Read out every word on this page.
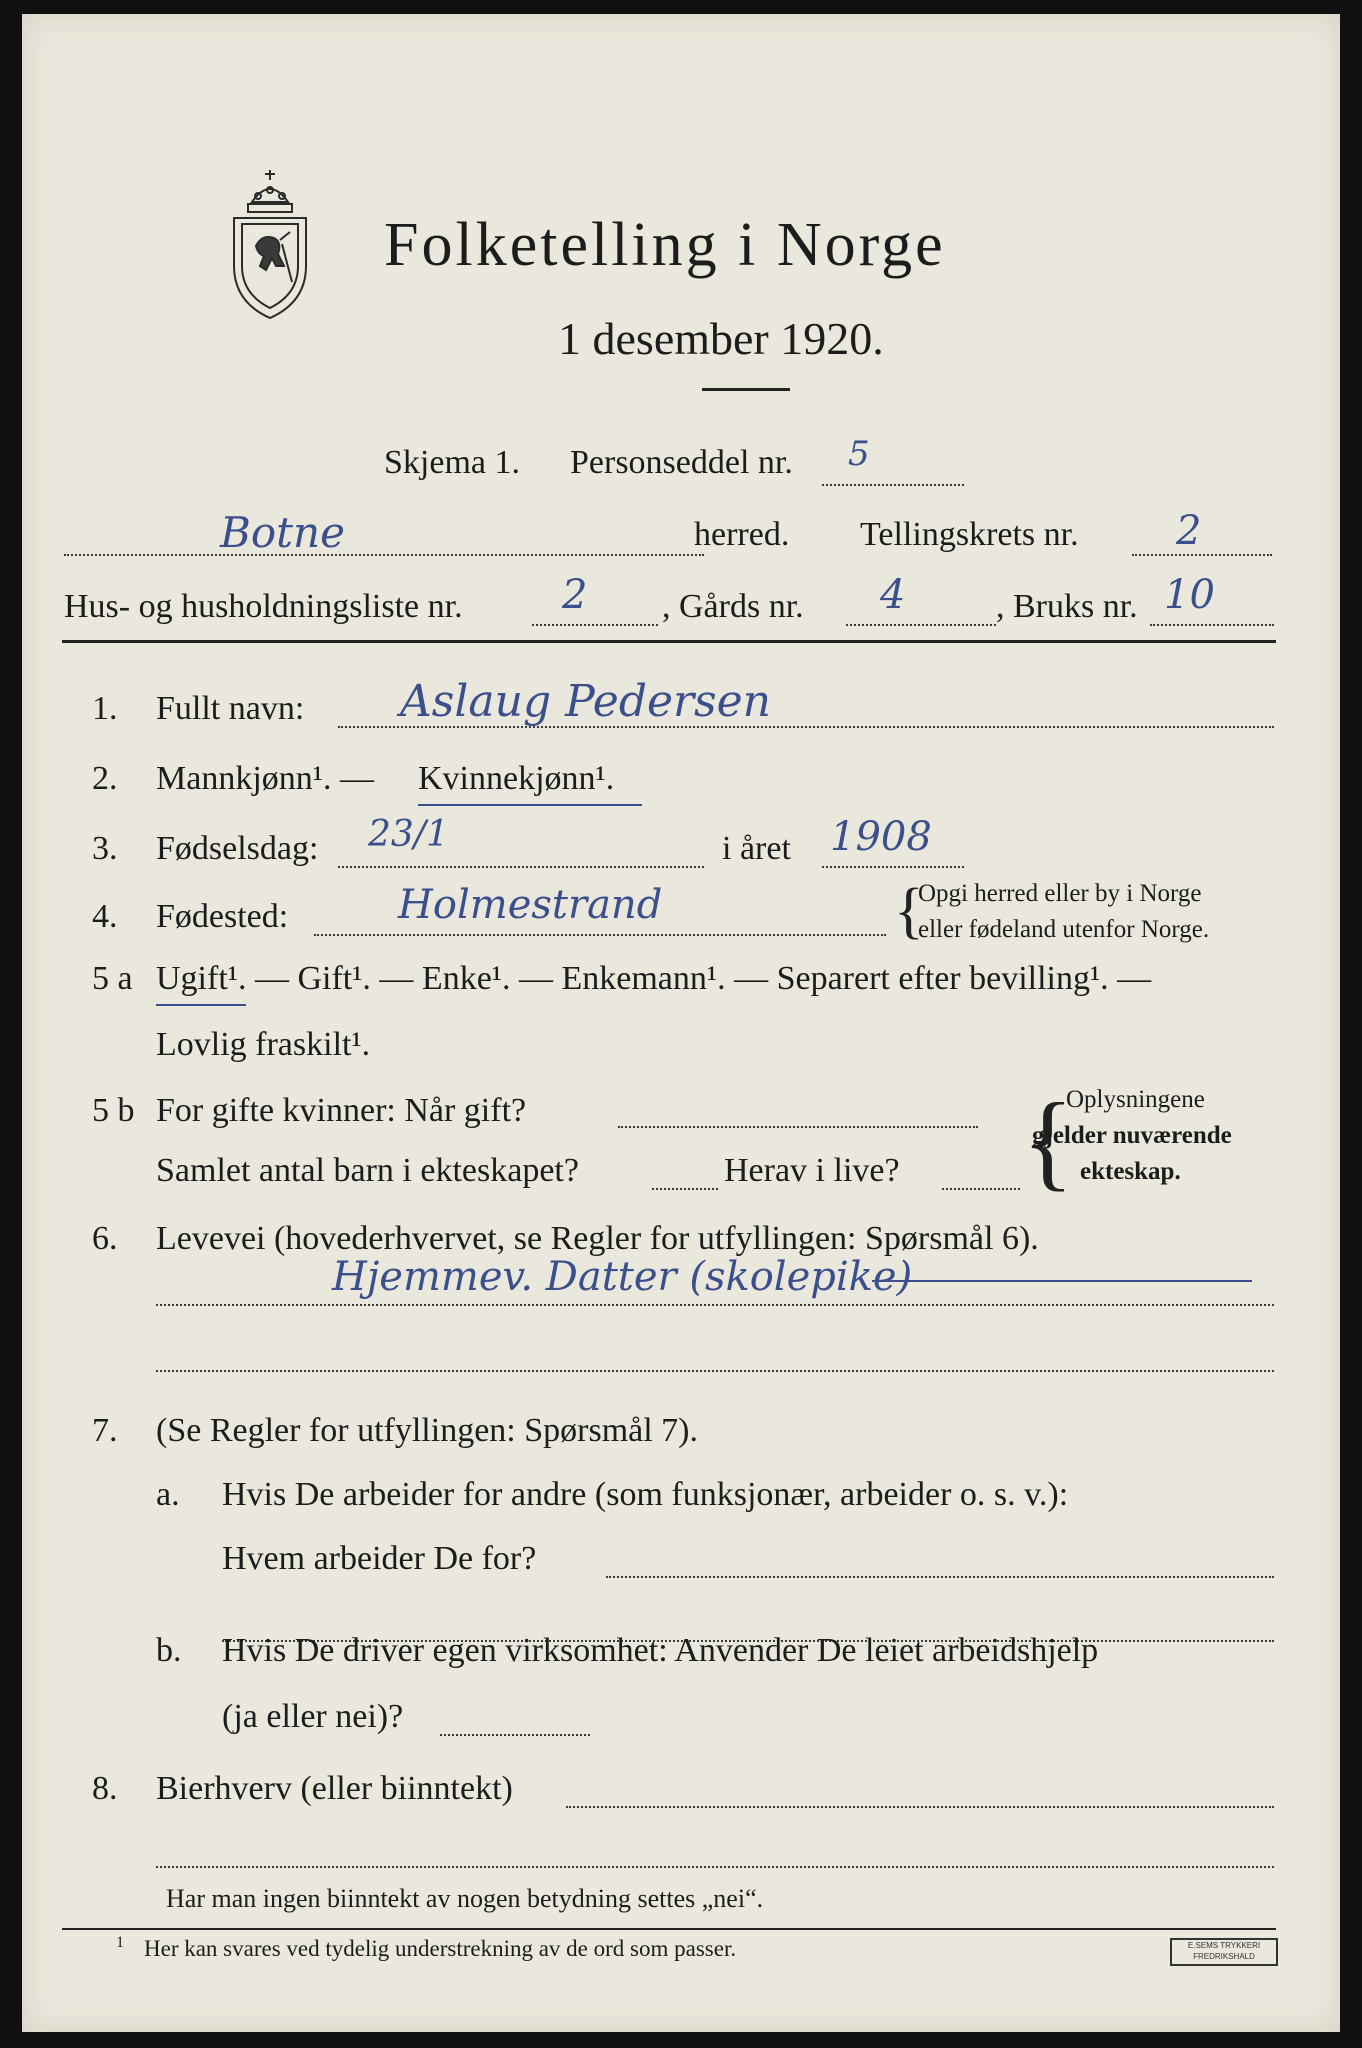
Folketelling i Norge
1 desember 1920.
Skjema 1. Personseddel nr. 5
Botne	herred. Tellingskrets nr. 2
Hus- og husholdningsliste nr. 2 , Gårds nr. 4	, Bruks nr. 10
1. Fullt navn: Aslaug Pedersen
2. Mannkjønn¹. — Kvinnekjønn¹.
3. Fødselsdag: 23/1	i året 1908
4. Fødested:	Holmestrand	{
Opgi herred eller by i Norge
eller fødeland utenfor Norge.
5 a Ugift¹. — Gift¹. — Enke¹. — Enkemann¹. — Separert efter bevilling¹. —
Lovlig fraskilt¹.
5 b For gifte kvinner: Når gift?
Samlet antal barn i ekteskapet?	Herav i live? {
Oplysningene
gjelder nuværende
ekteskap.
6. Levevei (hovederhvervet, se Regler for utfyllingen: Spørsmål 6).
Hjemmev. Datter (skolepike)
7. (Se Regler for utfyllingen: Spørsmål 7).
a. Hvis De arbeider for andre (som funksjonær, arbeider o. s. v.):
Hvem arbeider De for?
b. Hvis De driver egen virksomhet: Anvender De leiet arbeidshjelp
(ja eller nei)?
8. Bierhverv (eller biinntekt)
Har man ingen biinntekt av nogen betydning settes „nei“.
1 Her kan svares ved tydelig understrekning av de ord som passer.	E.SEMS TRYKKERI FREDRIKSHALD
